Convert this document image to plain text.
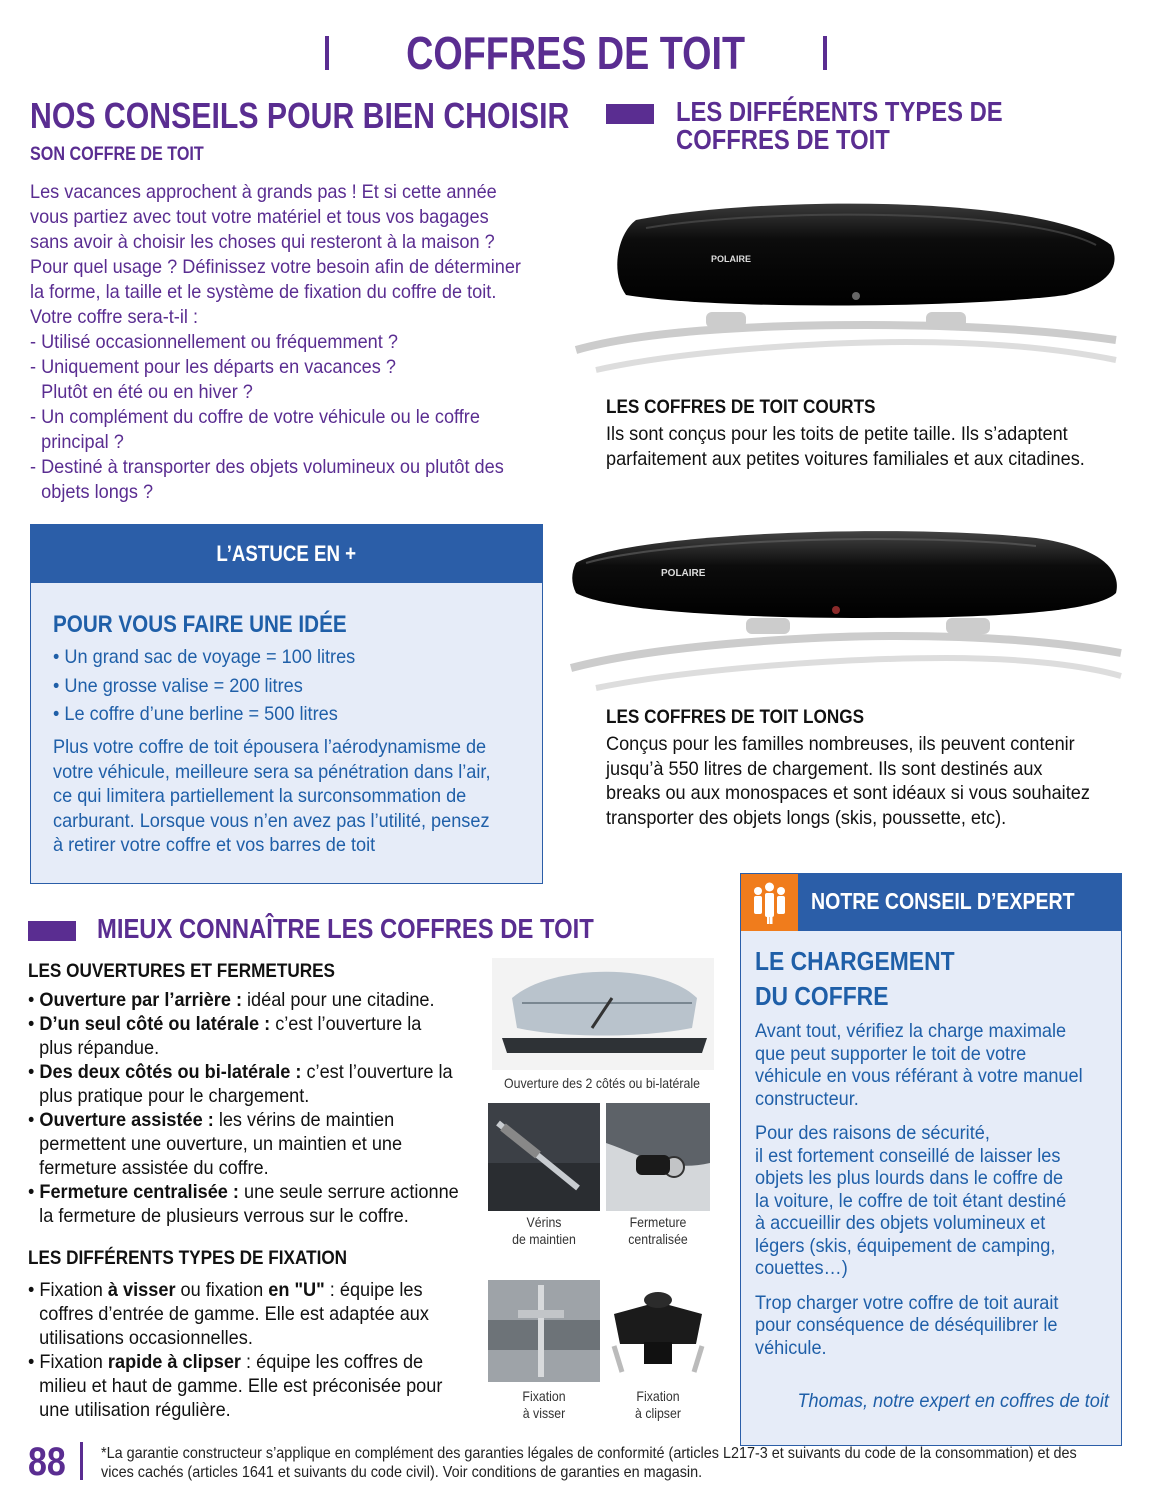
COFFRES DE TOIT
NOS CONSEILS POUR BIEN CHOISIR
SON COFFRE DE TOIT

Les vacances approchent à grands pas ! Et si cette année

vous partiez avec tout votre matériel et tous vos bagages

sans avoir à choisir les choses qui resteront à la maison ?

Pour quel usage ? Définissez votre besoin afin de déterminer

la forme, la taille et le système de fixation du coffre de toit.

Votre coffre sera-t-il :

- Utilisé occasionnellement ou fréquemment ?

- Uniquement pour les départs en vacances ?

Plutôt en été ou en hiver ?

- Un complément du coffre de votre véhicule ou le coffre

principal ?

- Destiné à transporter des objets volumineux ou plutôt des

objets longs ?

L’ASTUCE EN +
POUR VOUS FAIRE UNE IDÉE
• Un grand sac de voyage = 100 litres
• Une grosse valise = 200 litres
• Le coffre d’une berline = 500 litres

Plus votre coffre de toit épousera l’aérodynamisme de

votre véhicule, meilleure sera sa pénétration dans l’air,

ce qui limitera partiellement la surconsommation de

carburant. Lorsque vous n’en avez pas l’utilité, pensez

à retirer votre coffre et vos barres de toit

LES DIFFÉRENTS TYPES DE
COFFRES DE TOIT
POLAIRE
LES COFFRES DE TOIT COURTS

Ils sont conçus pour les toits de petite taille. Ils s’adaptent

parfaitement aux petites voitures familiales et aux citadines.

POLAIRE
LES COFFRES DE TOIT LONGS

Conçus pour les familles nombreuses, ils peuvent contenir

jusqu’à 550 litres de chargement. Ils sont destinés aux

breaks ou aux monospaces et sont idéaux si vous souhaitez

transporter des objets longs (skis, poussette, etc).

NOTRE CONSEIL D’EXPERT
LE CHARGEMENT
DU COFFRE

Avant tout, vérifiez la charge maximale

que peut supporter le toit de votre

véhicule en vous référant à votre manuel

constructeur.

Pour des raisons de sécurité,

il est fortement conseillé de laisser les

objets les plus lourds dans le coffre de

la voiture, le coffre de toit étant destiné

à accueillir des objets volumineux et

légers (skis, équipement de camping,

couettes…)

Trop charger votre coffre de toit aurait

pour conséquence de déséquilibrer le

véhicule.

Thomas, notre expert en coffres de toit
MIEUX CONNAÎTRE LES COFFRES DE TOIT
LES OUVERTURES ET FERMETURES

• Ouverture par l’arrière : idéal pour une citadine.

• D’un seul côté ou latérale : c’est l’ouverture la

plus répandue.

• Des deux côtés ou bi-latérale : c’est l’ouverture la

plus pratique pour le chargement.

• Ouverture assistée : les vérins de maintien

permettent une ouverture, un maintien et une

fermeture assistée du coffre.

• Fermeture centralisée : une seule serrure actionne

la fermeture de plusieurs verrous sur le coffre.

LES DIFFÉRENTS TYPES DE FIXATION

• Fixation à visser ou fixation en "U" : équipe les

coffres d’entrée de gamme. Elle est adaptée aux

utilisations occasionnelles.

• Fixation rapide à clipser : équipe les coffres de

milieu et haut de gamme. Elle est préconisée pour

une utilisation régulière.

Ouverture des 2 côtés ou bi-latérale
Vérins
de maintien
Fermeture
centralisée
Fixation
à visser
Fixation
à clipser
88 *La garantie constructeur s’applique en complément des garanties légales de conformité (articles L217-3 et suivants du code de la consommation) et des

vices cachés (articles 1641 et suivants du code civil). Voir conditions de garanties en magasin.
